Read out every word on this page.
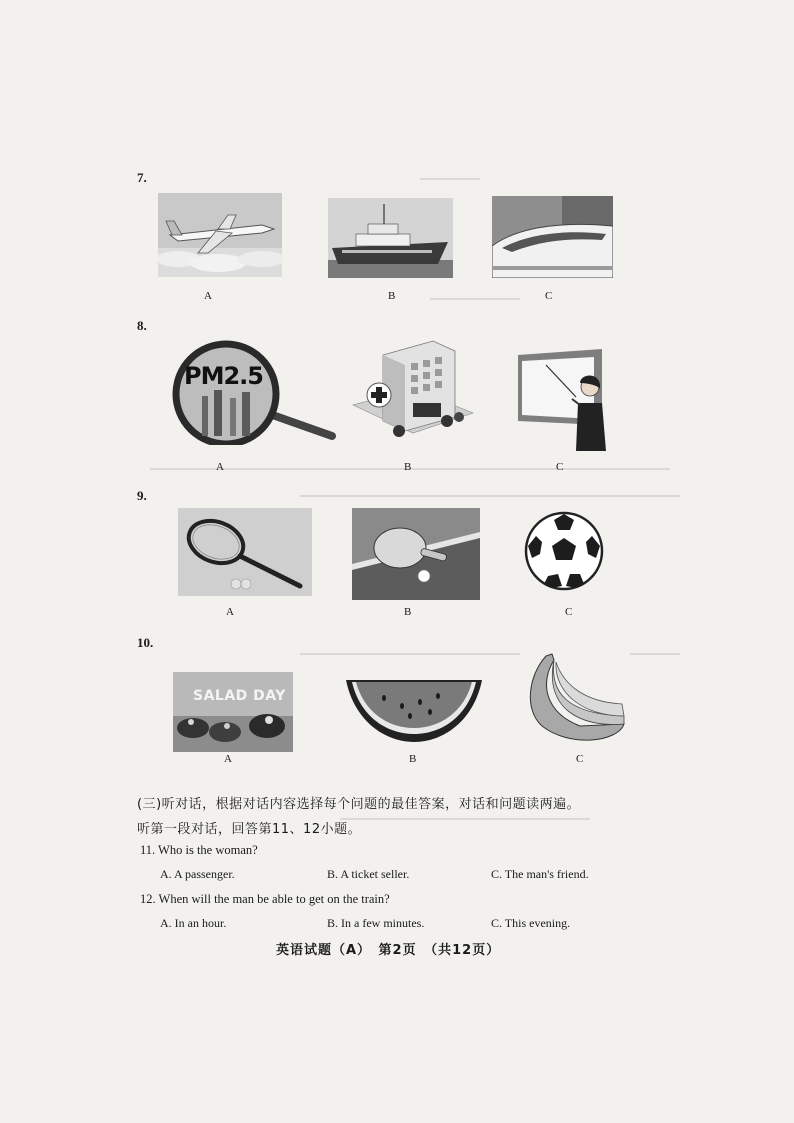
7.
A	B	C
8.
PM2.5
A	B	C
9.
A	B	C
10.
SALAD DAY
A	B	C
(三)听对话，根据对话内容选择每个问题的最佳答案，对话和问题读两遍。
听第一段对话，回答第11、12小题。
11. Who is the woman?
A. A passenger.	B. A ticket seller.	C. The man's friend.
12. When will the man be able to get on the train?
A. In an hour.	B. In a few minutes.	C. This evening.
英语试题（A）　第2页　（共12页）
